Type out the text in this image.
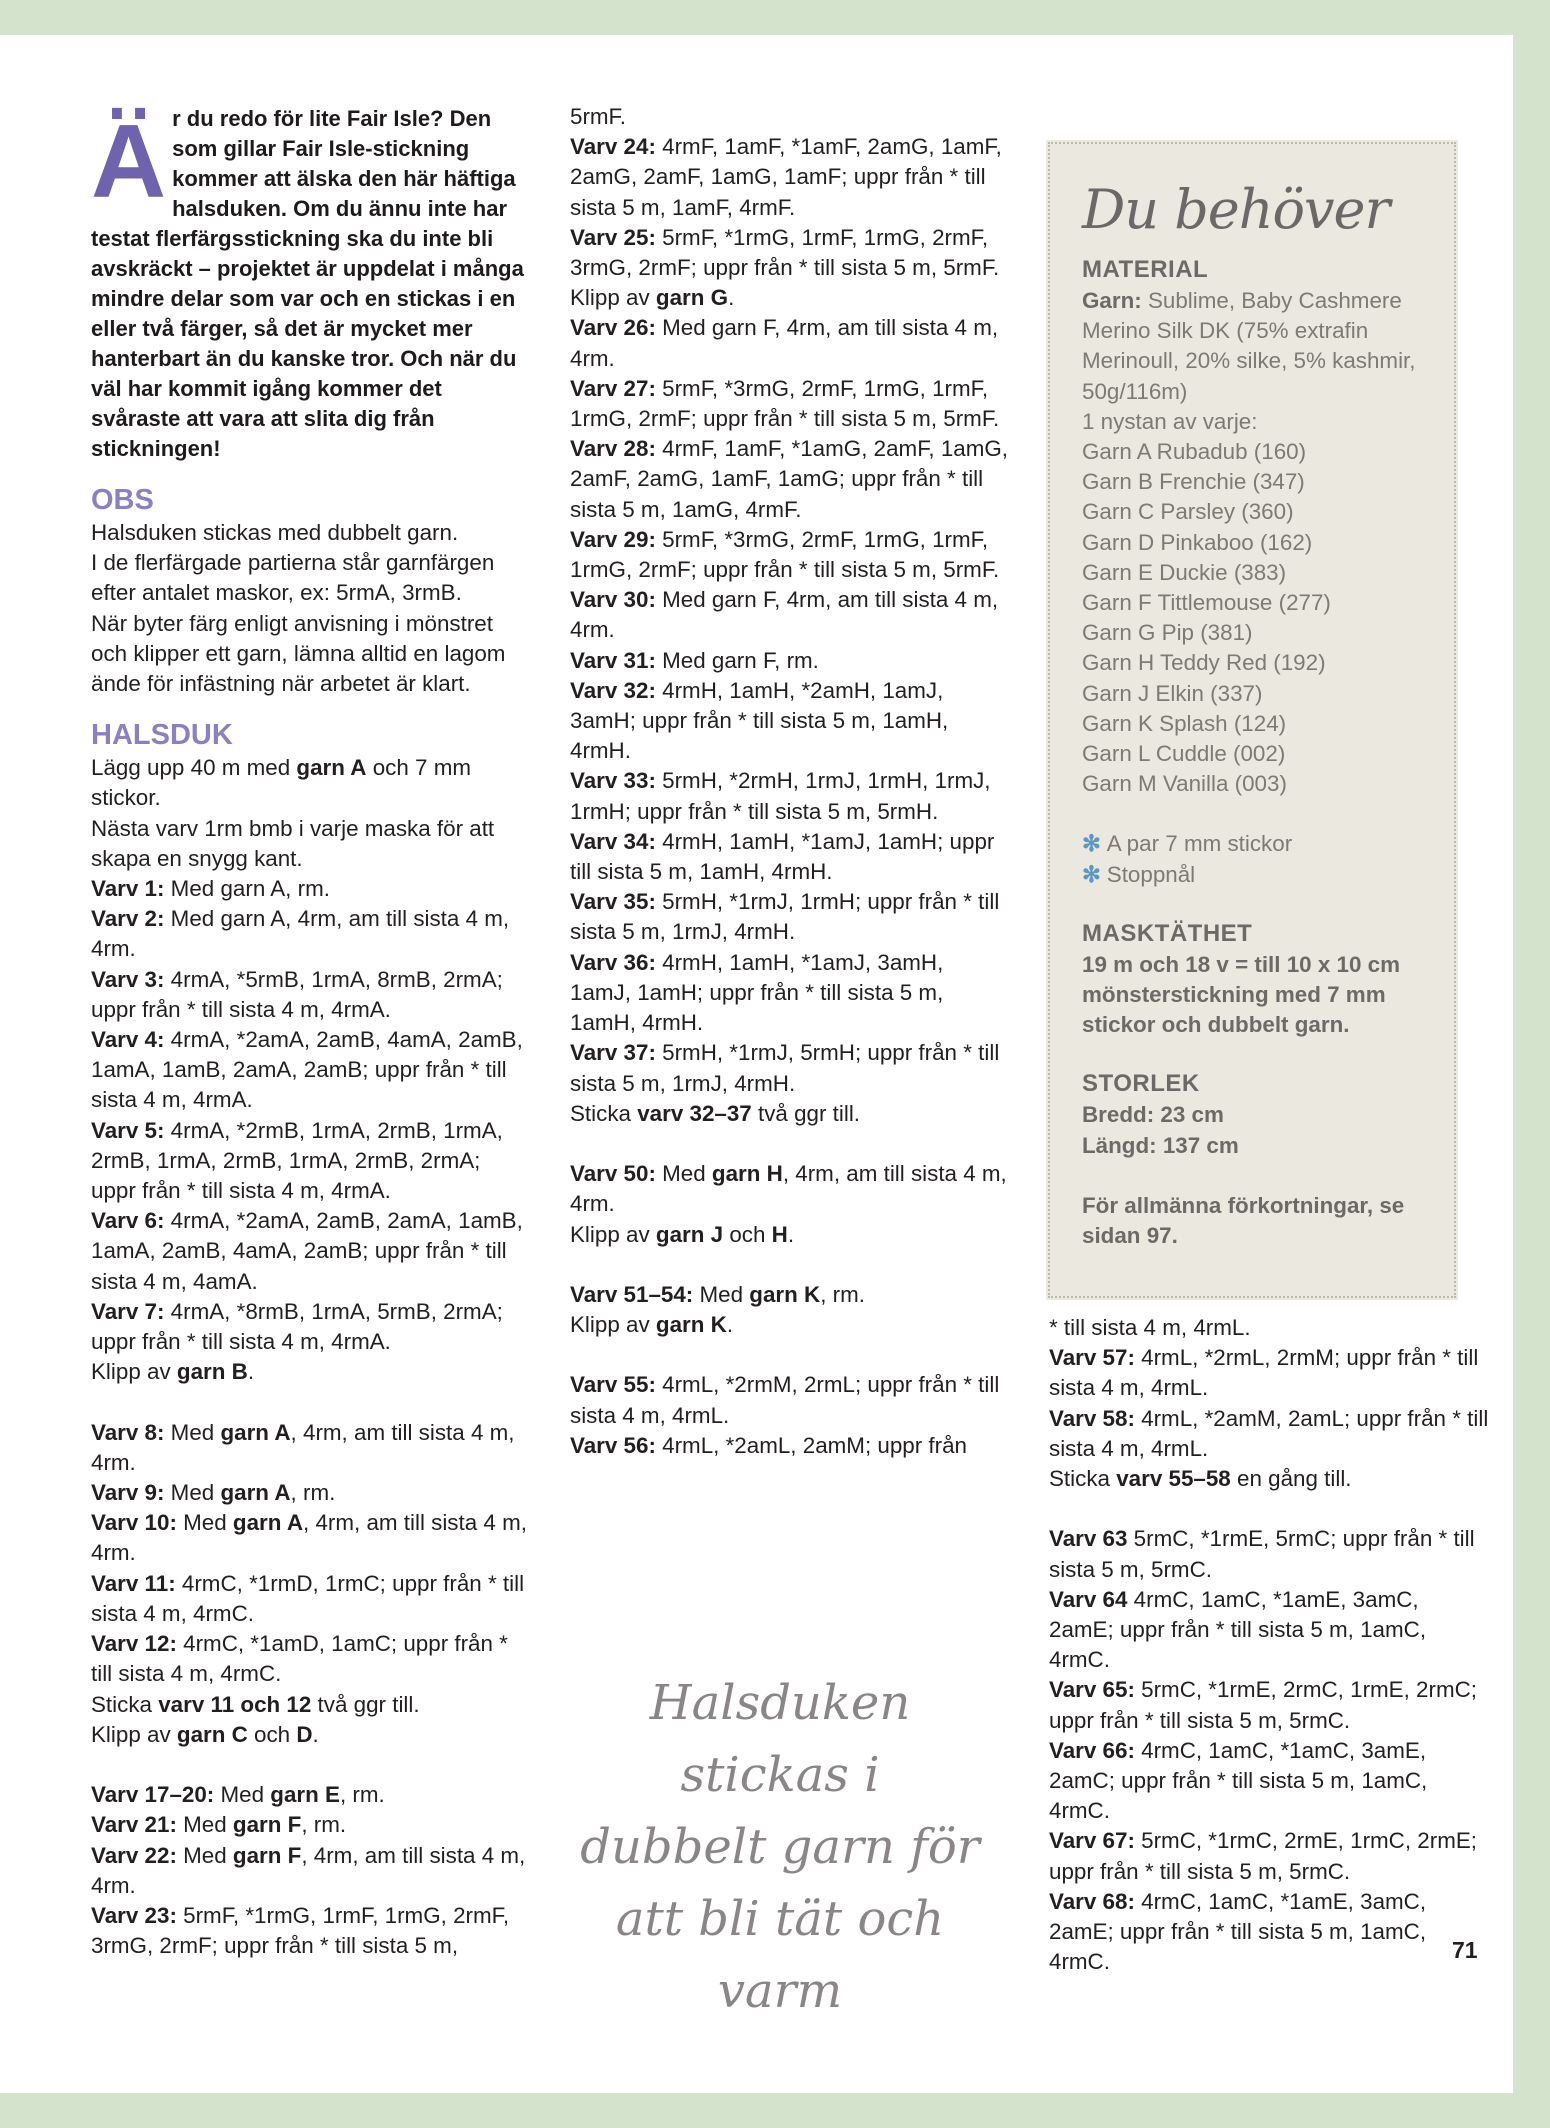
Är du redo för lite Fair Isle? Den som gillar Fair Isle-stickning kommer att älska den här häftiga halsduken. Om du ännu inte har testat flerfärgsstickning ska du inte bli avskräckt – projektet är uppdelat i många mindre delar som var och en stickas i en eller två färger, så det är mycket mer hanterbart än du kanske tror. Och när du väl har kommit igång kommer det svåraste att vara att slita dig från stickningen!
OBS

Halsduken stickas med dubbelt garn.

I de flerfärgade partierna står garnfärgen efter antalet maskor, ex: 5rmA, 3rmB.

När byter färg enligt anvisning i mönstret och klipper ett garn, lämna alltid en lagom ände för infästning när arbetet är klart.

HALSDUK

Lägg upp 40 m med garn A och 7 mm stickor.

Nästa varv 1rm bmb i varje maska för att skapa en snygg kant.

Varv 1: Med garn A, rm.

Varv 2: Med garn A, 4rm, am till sista 4 m, 4rm.

Varv 3: 4rmA, *5rmB, 1rmA, 8rmB, 2rmA; uppr från * till sista 4 m, 4rmA.

Varv 4: 4rmA, *2amA, 2amB, 4amA, 2amB, 1amA, 1amB, 2amA, 2amB; uppr från * till sista 4 m, 4rmA.

Varv 5: 4rmA, *2rmB, 1rmA, 2rmB, 1rmA, 2rmB, 1rmA, 2rmB, 1rmA, 2rmB, 2rmA; uppr från * till sista 4 m, 4rmA.

Varv 6: 4rmA, *2amA, 2amB, 2amA, 1amB, 1amA, 2amB, 4amA, 2amB; uppr från * till sista 4 m, 4amA.

Varv 7: 4rmA, *8rmB, 1rmA, 5rmB, 2rmA; uppr från * till sista 4 m, 4rmA.

Klipp av garn B.

Varv 8: Med garn A, 4rm, am till sista 4 m, 4rm.

Varv 9: Med garn A, rm.

Varv 10: Med garn A, 4rm, am till sista 4 m, 4rm.

Varv 11: 4rmC, *1rmD, 1rmC; uppr från * till sista 4 m, 4rmC.

Varv 12: 4rmC, *1amD, 1amC; uppr från * till sista 4 m, 4rmC.

Sticka varv 11 och 12 två ggr till.

Klipp av garn C och D.

Varv 17–20: Med garn E, rm.

Varv 21: Med garn F, rm.

Varv 22: Med garn F, 4rm, am till sista 4 m, 4rm.

Varv 23: 5rmF, *1rmG, 1rmF, 1rmG, 2rmF, 3rmG, 2rmF; uppr från * till sista 5 m,

5rmF.

Varv 24: 4rmF, 1amF, *1amF, 2amG, 1amF, 2amG, 2amF, 1amG, 1amF; uppr från * till sista 5 m, 1amF, 4rmF.

Varv 25: 5rmF, *1rmG, 1rmF, 1rmG, 2rmF, 3rmG, 2rmF; uppr från * till sista 5 m, 5rmF.

Klipp av garn G.

Varv 26: Med garn F, 4rm, am till sista 4 m, 4rm.

Varv 27: 5rmF, *3rmG, 2rmF, 1rmG, 1rmF, 1rmG, 2rmF; uppr från * till sista 5 m, 5rmF.

Varv 28: 4rmF, 1amF, *1amG, 2amF, 1amG, 2amF, 2amG, 1amF, 1amG; uppr från * till sista 5 m, 1amG, 4rmF.

Varv 29: 5rmF, *3rmG, 2rmF, 1rmG, 1rmF, 1rmG, 2rmF; uppr från * till sista 5 m, 5rmF.

Varv 30: Med garn F, 4rm, am till sista 4 m, 4rm.

Varv 31: Med garn F, rm.

Varv 32: 4rmH, 1amH, *2amH, 1amJ, 3amH; uppr från * till sista 5 m, 1amH, 4rmH.

Varv 33: 5rmH, *2rmH, 1rmJ, 1rmH, 1rmJ, 1rmH; uppr från * till sista 5 m, 5rmH.

Varv 34: 4rmH, 1amH, *1amJ, 1amH; uppr till sista 5 m, 1amH, 4rmH.

Varv 35: 5rmH, *1rmJ, 1rmH; uppr från * till sista 5 m, 1rmJ, 4rmH.

Varv 36: 4rmH, 1amH, *1amJ, 3amH, 1amJ, 1amH; uppr från * till sista 5 m, 1amH, 4rmH.

Varv 37: 5rmH, *1rmJ, 5rmH; uppr från * till sista 5 m, 1rmJ, 4rmH.

Sticka varv 32–37 två ggr till.

Varv 50: Med garn H, 4rm, am till sista 4 m, 4rm.

Klipp av garn J och H.

Varv 51–54: Med garn K, rm.

Klipp av garn K.

Varv 55: 4rmL, *2rmM, 2rmL; uppr från * till sista 4 m, 4rmL.

Varv 56: 4rmL, *2amL, 2amM; uppr från

Halsduken stickas i dubbelt garn för att bli tät och varm
Du behöver
MATERIAL

Garn: Sublime, Baby Cashmere Merino Silk DK (75% extrafin Merinoull, 20% silke, 5% kashmir, 50g/116m)

1 nystan av varje:

Garn A Rubadub (160)

Garn B Frenchie (347)

Garn C Parsley (360)

Garn D Pinkaboo (162)

Garn E Duckie (383)

Garn F Tittlemouse (277)

Garn G Pip (381)

Garn H Teddy Red (192)

Garn J Elkin (337)

Garn K Splash (124)

Garn L Cuddle (002)

Garn M Vanilla (003)

✻ A par 7 mm stickor

✻ Stoppnål

MASKTÄTHET

19 m och 18 v = till 10 x 10 cm mönsterstickning med 7 mm stickor och dubbelt garn.

STORLEK

Bredd: 23 cm

Längd: 137 cm

För allmänna förkortningar, se sidan 97.

* till sista 4 m, 4rmL.

Varv 57: 4rmL, *2rmL, 2rmM; uppr från * till sista 4 m, 4rmL.

Varv 58: 4rmL, *2amM, 2amL; uppr från * till sista 4 m, 4rmL.

Sticka varv 55–58 en gång till.

Varv 63 5rmC, *1rmE, 5rmC; uppr från * till sista 5 m, 5rmC.

Varv 64 4rmC, 1amC, *1amE, 3amC, 2amE; uppr från * till sista 5 m, 1amC, 4rmC.

Varv 65: 5rmC, *1rmE, 2rmC, 1rmE, 2rmC; uppr från * till sista 5 m, 5rmC.

Varv 66: 4rmC, 1amC, *1amC, 3amE, 2amC; uppr från * till sista 5 m, 1amC, 4rmC.

Varv 67: 5rmC, *1rmC, 2rmE, 1rmC, 2rmE; uppr från * till sista 5 m, 5rmC.

Varv 68: 4rmC, 1amC, *1amE, 3amC, 2amE; uppr från * till sista 5 m, 1amC, 4rmC.	71
